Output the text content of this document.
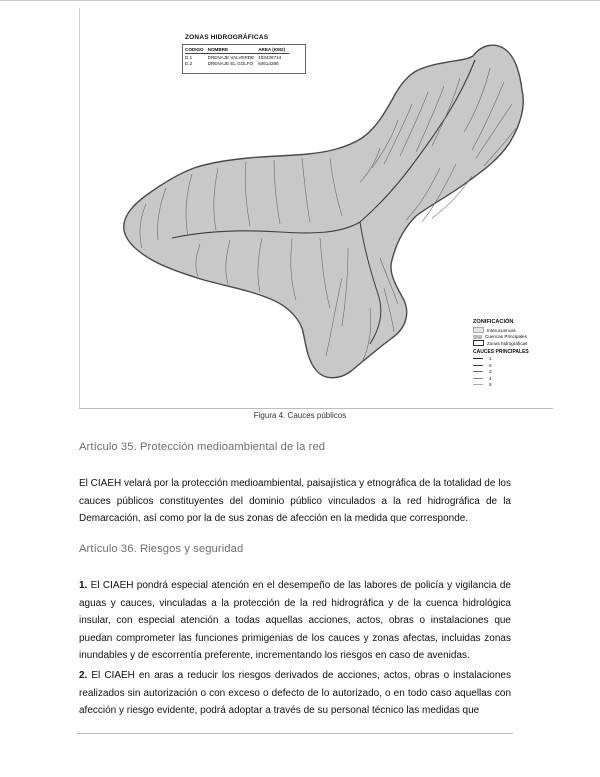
ZONAS HIDROGRÁFICAS
CODIGO	NOMBRE	AREA (KM2)
D.1	DRENAJE VALVERDE	103436714
D.2	DRENAJE EL GOLFO	64614286
ZONIFICACIÓN
Interucuencas
Cuencas Principales
Zonas hidrográficas
CAUCES PRINCIPALES
1
2
3
4
5
Figura 4. Cauces públicos
Artículo 35. Protección medioambiental de la red
El CIAEH velará por la protección medioambiental, paisajística y etnográfica de la totalidad de los cauces públicos constituyentes del dominio público vinculados a la red hidrográfica de la Demarcación, así como por la de sus zonas de afección en la medida que corresponde.
Artículo 36. Riesgos y seguridad
1. El CIAEH pondrá especial atención en el desempeño de las labores de policía y vigilancia de aguas y cauces, vinculadas a la protección de la red hidrográfica y de la cuenca hidrológica insular, con especial atención a todas aquellas acciones, actos, obras o instalaciones que puedan comprometer las funciones primigenias de los cauces y zonas afectas, incluidas zonas inundables y de escorrentía preferente, incrementando los riesgos en caso de avenidas.
2. El CIAEH en aras a reducir los riesgos derivados de acciones, actos, obras o instalaciones realizados sin autorización o con exceso o defecto de lo autorizado, o en todo caso aquellas con afección y riesgo evidente, podrá adoptar a través de su personal técnico las medidas que
